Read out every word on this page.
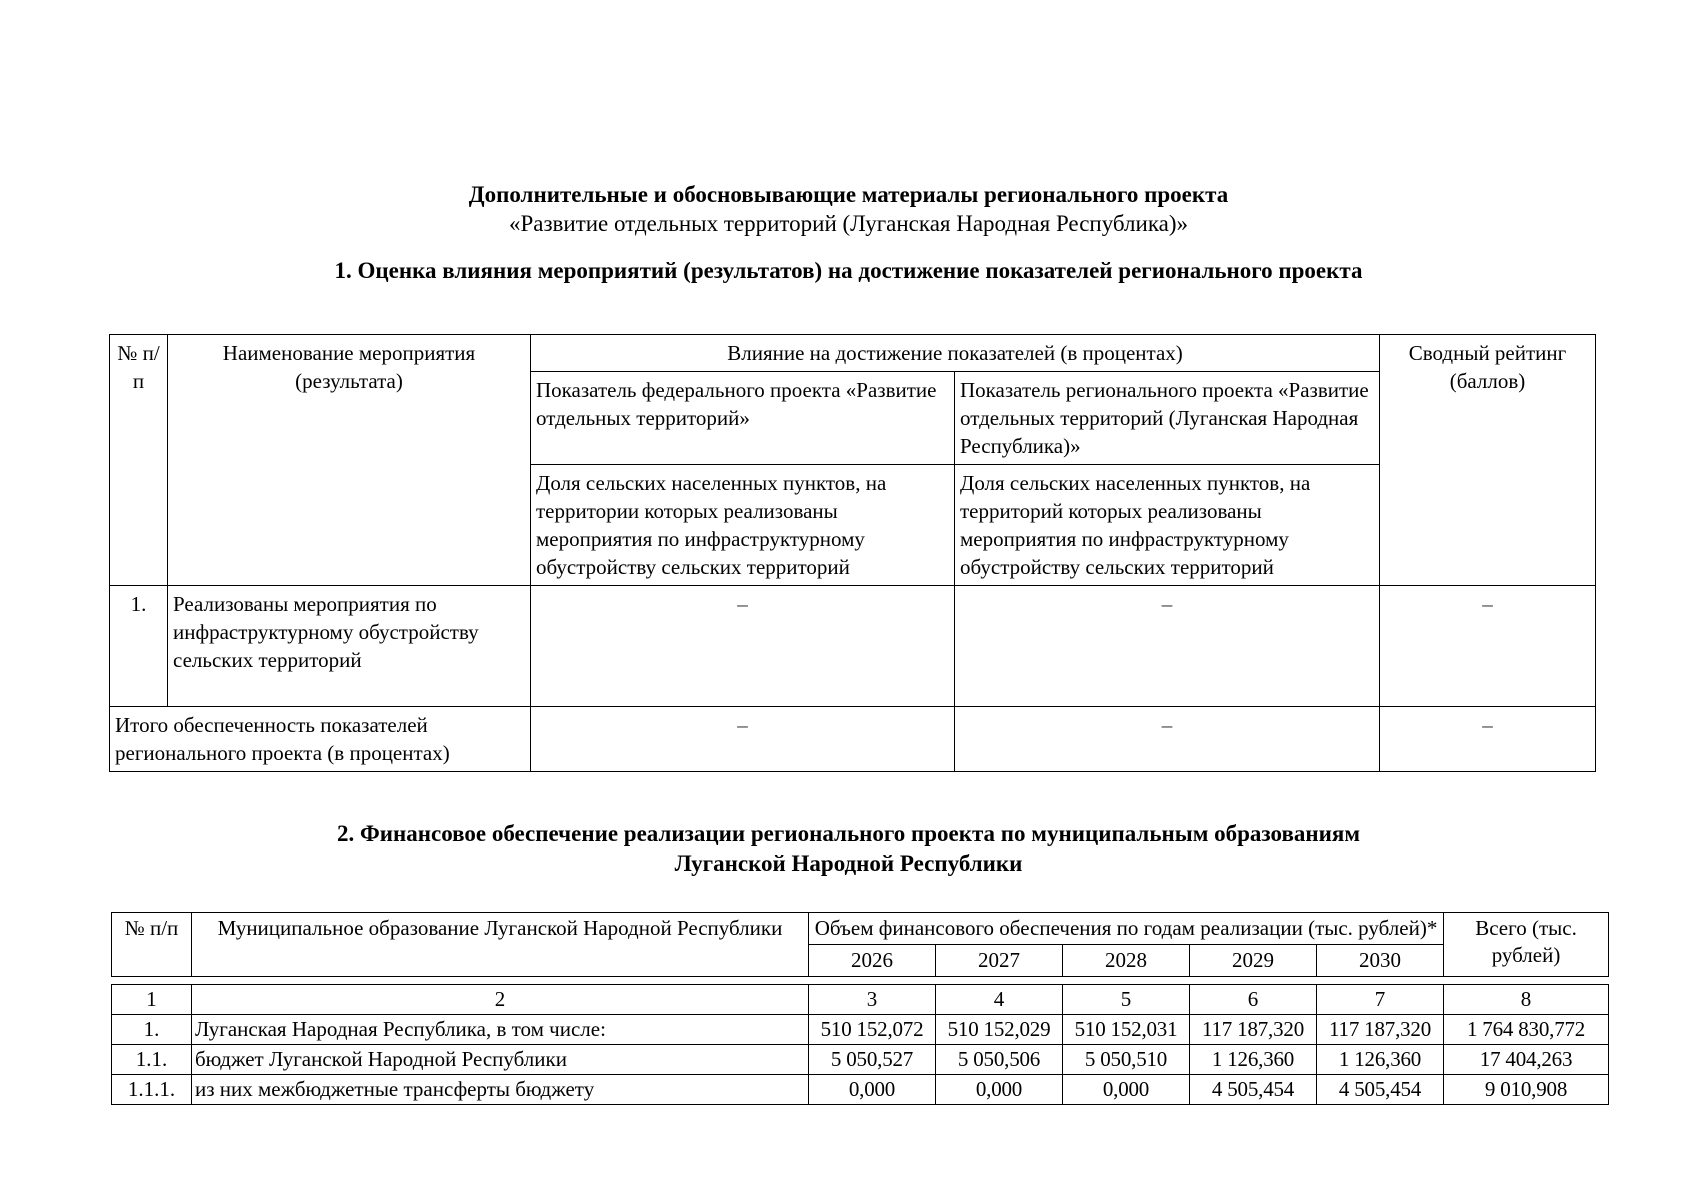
Дополнительные и обосновывающие материалы регионального проекта
«Развитие отдельных территорий (Луганская Народная Республика)»
1. Оценка влияния мероприятий (результатов) на достижение показателей регионального проекта
№ п/п	Наименование мероприятия (результата)	Влияние на достижение показателей (в процентах)		Сводный рейтинг (баллов)
		Показатель федерального проекта «Развитие отдельных территорий»	Показатель регионального проекта «Развитие отдельных территорий (Луганская Народная Республика)»	
		Доля сельских населенных пунктов, на территории которых реализованы мероприятия по инфраструктурному обустройству сельских территорий	Доля сельских населенных пунктов, на территорий которых реализованы мероприятия по инфраструктурному обустройству сельских территорий	
1.	Реализованы мероприятия по инфраструктурному обустройству сельских территорий	–	–	–
Итого обеспеченность показателей регионального проекта (в процентах)		–	–	–
2. Финансовое обеспечение реализации регионального проекта по муниципальным образованиям
Луганской Народной Республики
№ п/п	Муниципальное образование Луганской Народной Республики	Объем финансового обеспечения по годам реализации (тыс. рублей)*					Всего (тыс. рублей)
		2026	2027	2028	2029	2030	

1	2	3	4	5	6	7	8
1.	Луганская Народная Республика, в том числе:	510 152,072	510 152,029	510 152,031	117 187,320	117 187,320	1 764 830,772
1.1.	бюджет Луганской Народной Республики	5 050,527	5 050,506	5 050,510	1 126,360	1 126,360	17 404,263
1.1.1.	из них межбюджетные трансферты бюджету	0,000	0,000	0,000	4 505,454	4 505,454	9 010,908
